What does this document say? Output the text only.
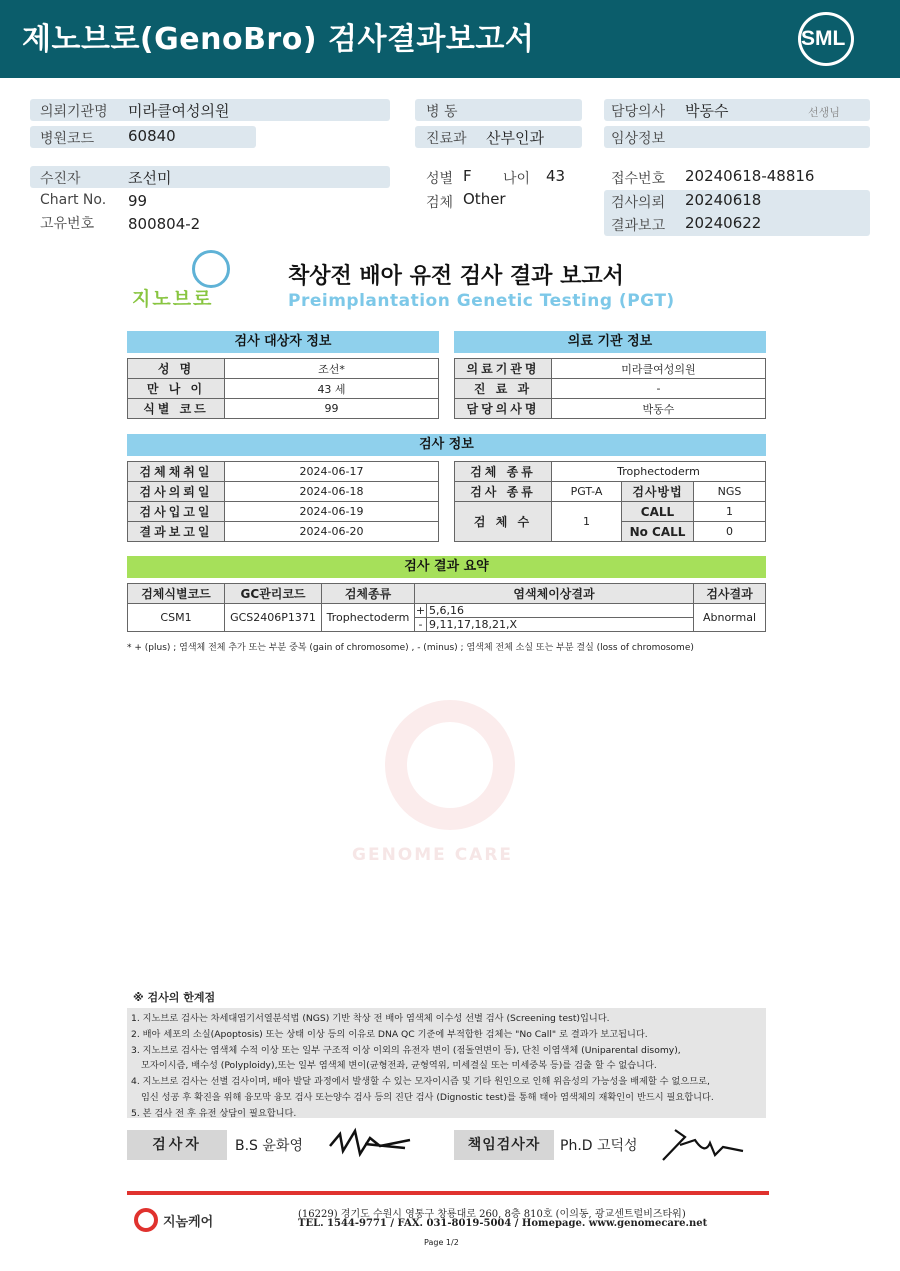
제노브로(GenoBro) 검사결과보고서	SML
의뢰기관명 미라클여성의원
병원코드 60840
병 동
진료과 산부인과
담당의사 박동수	선생님
임상정보
수진자	조선미
Chart No. 99
고유번호 800804-2
성별 F 나이 43
검체 Other
접수번호 20240618-48816
검사의뢰 20240618
결과보고 20240622
지노브로
착상전 배아 유전 검사 결과 보고서
Preimplantation Genetic Testing (PGT)
검사 대상자 정보
성 명	조선*
만 나 이	43 세
식별 코드	99
의료 기관 정보
의료기관명	미라클여성의원
진 료 과	-
담당의사명	박동수
검사 정보
검체채취일	2024-06-17
검사의뢰일	2024-06-18
검사입고일	2024-06-19
결과보고일	2024-06-20
검체 종류	Trophectoderm		
검사 종류	PGT-A	검사방법	NGS
검 체 수	1	CALL	1
		No CALL	0
검사 결과 요약
검체식별코드	GC관리코드	검체종류	염색체이상결과		검사결과
CSM1	GCS2406P1371	Trophectoderm	+	5,6,16	Abnormal
			-	9,11,17,18,21,X	
* + (plus) ; 염색체 전체 추가 또는 부분 중복 (gain of chromosome) , - (minus) ; 염색체 전체 소실 또는 부분 결실 (loss of chromosome)
GENOME CARE
※ 검사의 한계점
1. 지노브로 검사는 차세대염기서열분석법 (NGS) 기반 착상 전 배아 염색체 이수성 선별 검사 (Screening test)입니다.
2. 배아 세포의 소실(Apoptosis) 또는 상태 이상 등의 이유로 DNA QC 기준에 부적합한 검체는 "No Call" 로 결과가 보고됩니다.
3. 지노브로 검사는 염색체 수적 이상 또는 일부 구조적 이상 이외의 유전자 변이 (점돌연변이 등), 단친 이염색체 (Uniparental disomy),
모자이시즘, 배수성 (Polyploidy),또는 일부 염색체 변이(균형전좌, 균형역위, 미세결실 또는 미세중복 등)를 검출 할 수 없습니다.
4. 지노브로 검사는 선별 검사이며, 배아 발달 과정에서 발생할 수 있는 모자이시즘 및 기타 원인으로 인해 위음성의 가능성을 배제할 수 없으므로,
임신 성공 후 확진을 위해 융모막 융모 검사 또는양수 검사 등의 진단 검사 (Dignostic test)를 통해 태아 염색체의 재확인이 반드시 필요합니다.
5. 본 검사 전 후 유전 상담이 필요합니다.
검사자	B.S 윤화영	책임검사자	Ph.D 고덕성
지놈케어
(16229) 경기도 수원시 영통구 창룡대로 260, 8층 810호 (이의동, 광교센트럴비즈타워)
TEL. 1544-9771 / FAX. 031-8019-5004 / Homepage. www.genomecare.net
Page 1/2
